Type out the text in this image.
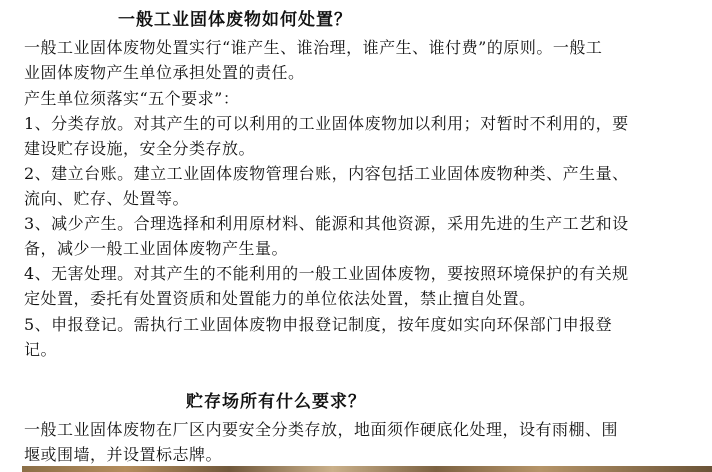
一般工业固体废物如何处置？
一般工业固体废物处置实行“谁产生、谁治理，谁产生、谁付费”的原则。一般工
业固体废物产生单位承担处置的责任。
产生单位须落实“五个要求”：
1、分类存放。对其产生的可以利用的工业固体废物加以利用；对暂时不利用的，要
建设贮存设施，安全分类存放。
2、建立台账。建立工业固体废物管理台账，内容包括工业固体废物种类、产生量、
流向、贮存、处置等。
3、减少产生。合理选择和利用原材料、能源和其他资源，采用先进的生产工艺和设
备，减少一般工业固体废物产生量。
4、无害处理。对其产生的不能利用的一般工业固体废物，要按照环境保护的有关规
定处置，委托有处置资质和处置能力的单位依法处置，禁止擅自处置。
5、申报登记。需执行工业固体废物申报登记制度，按年度如实向环保部门申报登
记。
贮存场所有什么要求？
一般工业固体废物在厂区内要安全分类存放，地面须作硬底化处理，设有雨棚、围
堰或围墙，并设置标志牌。
